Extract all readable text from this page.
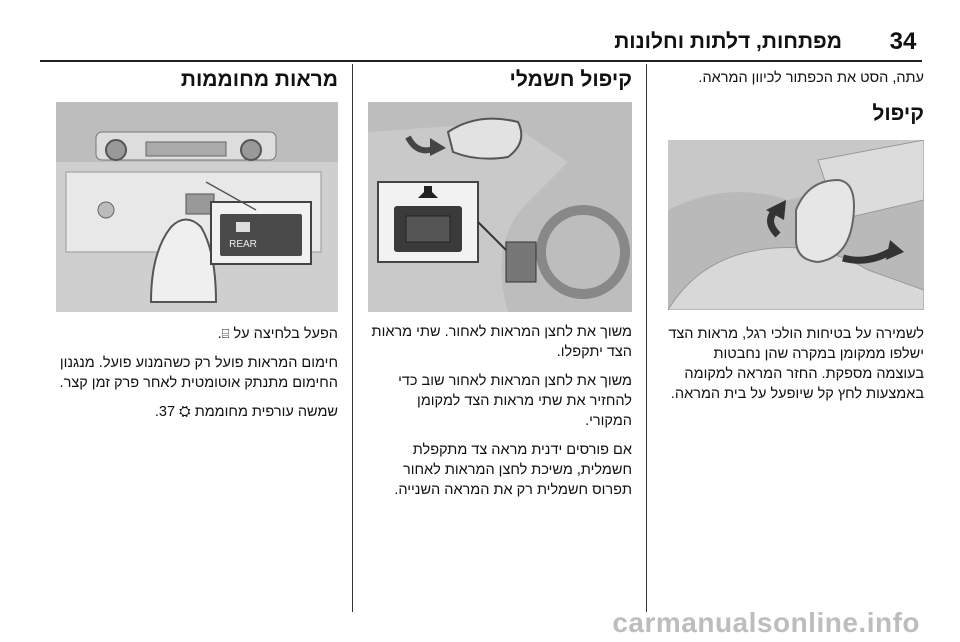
34
מפתחות, דלתות וחלונות

עתה, הסט את הכפתור לכיוון המראה.

קיפול

לשמירה על בטיחות הולכי רגל, מראות הצד ישלפו ממקומן במקרה שהן נחבטות בעוצמה מספקת. החזר המראה למקומה באמצעות לחץ קל שיופעל על בית המראה.

קיפול חשמלי

משוך את לחצן המראות לאחור. שתי מראות הצד יתקפלו.

משוך את לחצן המראות לאחור שוב כדי להחזיר את שתי מראות הצד למקומן המקורי.

אם פורסים ידנית מראה צד מתקפלת חשמלית, משיכת לחצן המראות לאחור תפרוס חשמלית רק את המראה השנייה.

מראות מחוממות
REAR

הפעל בלחיצה על ⌸.

חימום המראות פועל רק כשהמנוע פועל. מנגנון החימום מתנתק אוטומטית לאחר פרק זמן קצר.

שמשה עורפית מחוממת ⛭ 37.

carmanualsonline.info
